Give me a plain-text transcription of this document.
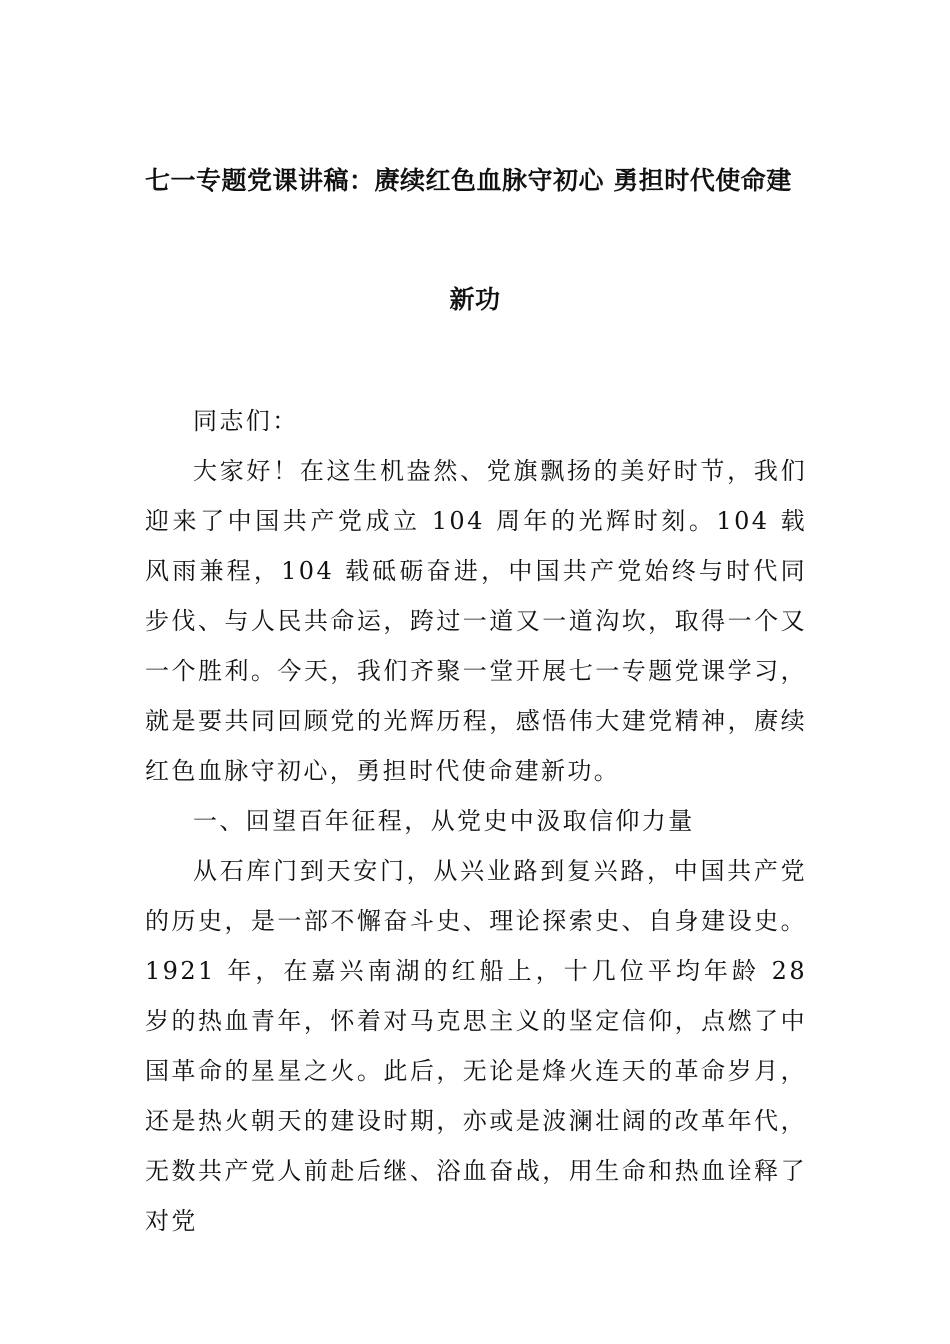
七一专题党课讲稿：赓续红色血脉守初心 勇担时代使命建
新功

同志们：

大家好！在这生机盎然、党旗飘扬的美好时节，我们迎来了中国共产党成立 104 周年的光辉时刻。104 载风雨兼程，104 载砥砺奋进，中国共产党始终与时代同步伐、与人民共命运，跨过一道又一道沟坎，取得一个又一个胜利。今天，我们齐聚一堂开展七一专题党课学习，就是要共同回顾党的光辉历程，感悟伟大建党精神，赓续红色血脉守初心，勇担时代使命建新功。

一、回望百年征程，从党史中汲取信仰力量

从石库门到天安门，从兴业路到复兴路，中国共产党的历史，是一部不懈奋斗史、理论探索史、自身建设史。1921 年，在嘉兴南湖的红船上，十几位平均年龄 28 岁的热血青年，怀着对马克思主义的坚定信仰，点燃了中国革命的星星之火。此后，无论是烽火连天的革命岁月，还是热火朝天的建设时期，亦或是波澜壮阔的改革年代，无数共产党人前赴后继、浴血奋战，用生命和热血诠释了对党
